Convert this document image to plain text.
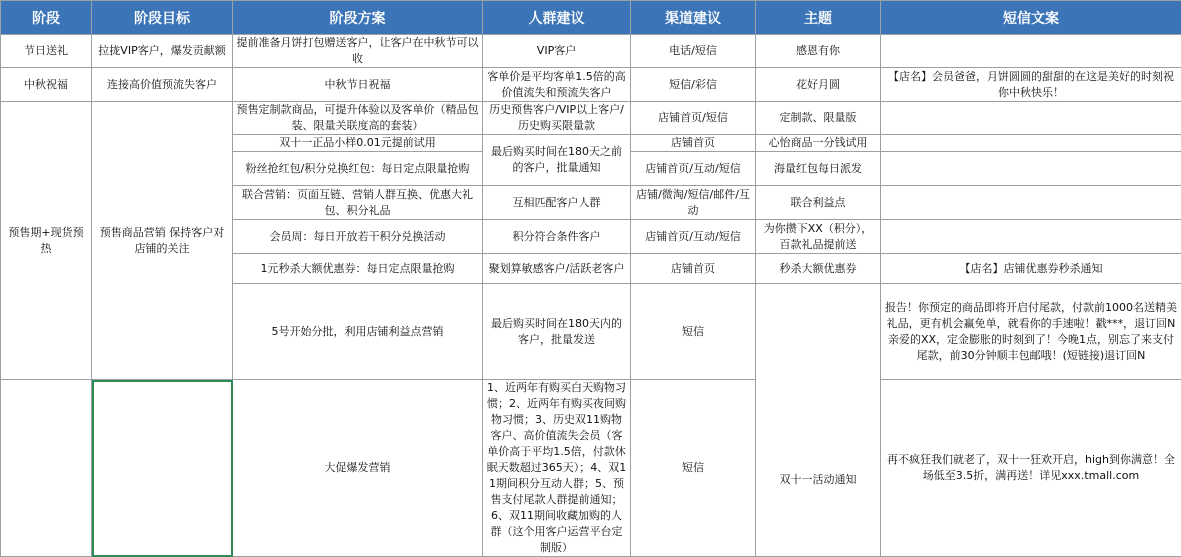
阶段	阶段目标	阶段方案	人群建议	渠道建议	主题	短信文案
节日送礼	拉拢VIP客户，爆发贡献额	提前准备月饼打包赠送客户，让客户在中秋节可以收	VIP客户	电话/短信	感恩有你	
中秋祝福	连接高价值预流失客户	中秋节日祝福	客单价是平均客单1.5倍的高价值流失和预流失客户	短信/彩信	花好月圆	【店名】会员爸爸，月饼圆圆的甜甜的在这是美好的时刻祝你中秋快乐！
预售期+现货预热	预售商品营销 保持客户对店铺的关注	预售定制款商品，可提升体验以及客单价（精品包装、限量关联度高的套装）	历史预售客户/VIP以上客户/历史购买限量款	店铺首页/短信	定制款、限量版	
		双十一正品小样0.01元提前试用	最后购买时间在180天之前的客户，批量通知	店铺首页	心怡商品一分钱试用	
		粉丝抢红包/积分兑换红包：每日定点限量抢购		店铺首页/互动/短信	海量红包每日派发	
		联合营销：页面互链、营销人群互换、优惠大礼包、积分礼品	互相匹配客户人群	店铺/微淘/短信/邮件/互动	联合利益点	
		会员周：每日开放若干积分兑换活动	积分符合条件客户	店铺首页/互动/短信	为你攒下XX（积分），百款礼品提前送	
		1元秒杀大额优惠券：每日定点限量抢购	聚划算敏感客户/活跃老客户	店铺首页	秒杀大额优惠券	【店名】店铺优惠券秒杀通知
		5号开始分批，利用店铺利益点营销	最后购买时间在180天内的客户，批量发送	短信	双十一活动通知	报告！你预定的商品即将开启付尾款，付款前1000名送精美礼品，更有机会赢免单，就看你的手速啦！戳***，退订回N 亲爱的XX，定金膨胀的时刻到了！今晚1点，别忘了来支付尾款，前30分钟顺丰包邮哦！(短链接)退订回N
		大促爆发营销	1、近两年有购买白天购物习惯；2、近两年有购买夜间购物习惯；3、历史双11购物客户、高价值流失会员（客单价高于平均1.5倍，付款休眠天数超过365天）；4、双11期间积分互动人群；5、预售支付尾款人群提前通知；6、双11期间收藏加购的人群（这个用客户运营平台定制版）	短信		再不疯狂我们就老了，双十一狂欢开启，high到你满意！全场低至3.5折，满再送！详见xxx.tmall.com
